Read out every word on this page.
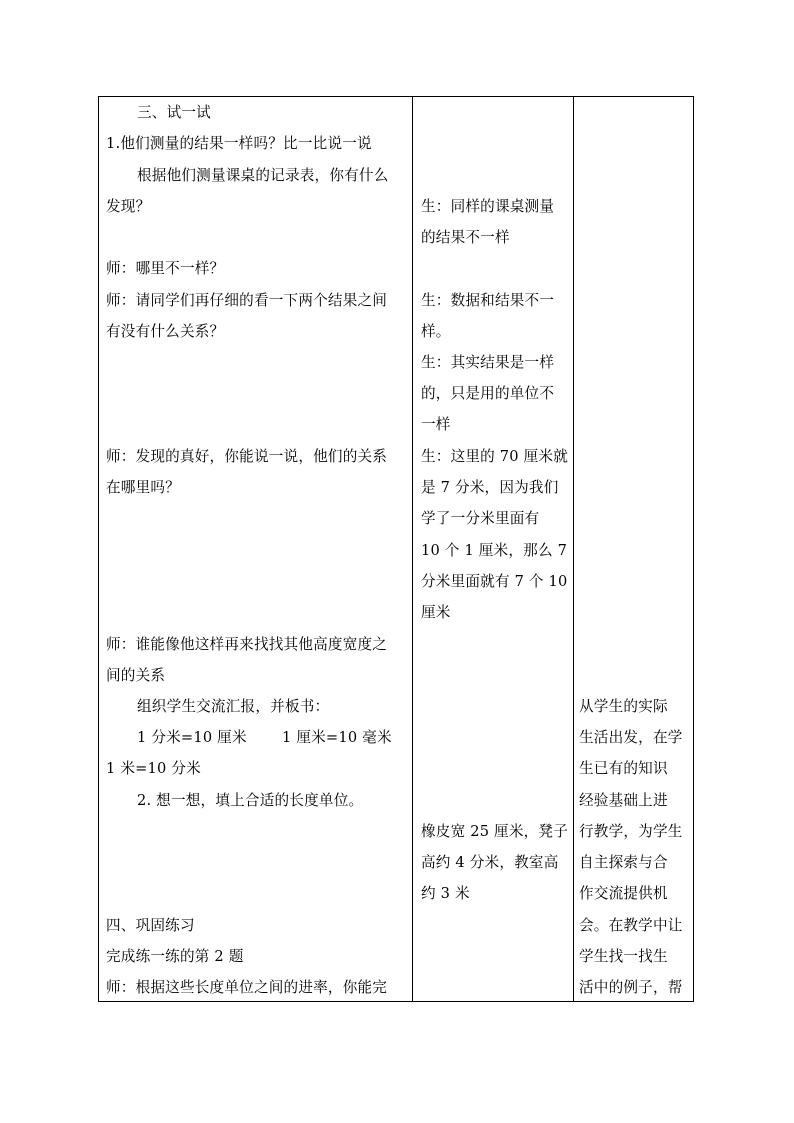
三、试一试
1.他们测量的结果一样吗？比一比说一说
根据他们测量课桌的记录表，你有什么
发现？
师：哪里不一样？
师：请同学们再仔细的看一下两个结果之间
有没有什么关系？
师：发现的真好，你能说一说，他们的关系
在哪里吗？
师：谁能像他这样再来找找其他高度宽度之
间的关系
组织学生交流汇报，并板书：
1 分米=10 厘米 1 厘米=10 毫米
1 米=10 分米
2. 想一想，填上合适的长度单位。
四、巩固练习
完成练一练的第 2 题
师：根据这些长度单位之间的进率，你能完
生：同样的课桌测量
的结果不一样
生：数据和结果不一
样。
生：其实结果是一样
的，只是用的单位不
一样
生：这里的 70 厘米就
是 7 分米，因为我们
学了一分米里面有
10 个 1 厘米，那么 7
分米里面就有 7 个 10
厘米
橡皮宽 25 厘米，凳子
高约 4 分米，教室高
约 3 米
从学生的实际
生活出发，在学
生已有的知识
经验基础上进
行教学，为学生
自主探索与合
作交流提供机
会。在教学中让
学生找一找生
活中的例子，帮
